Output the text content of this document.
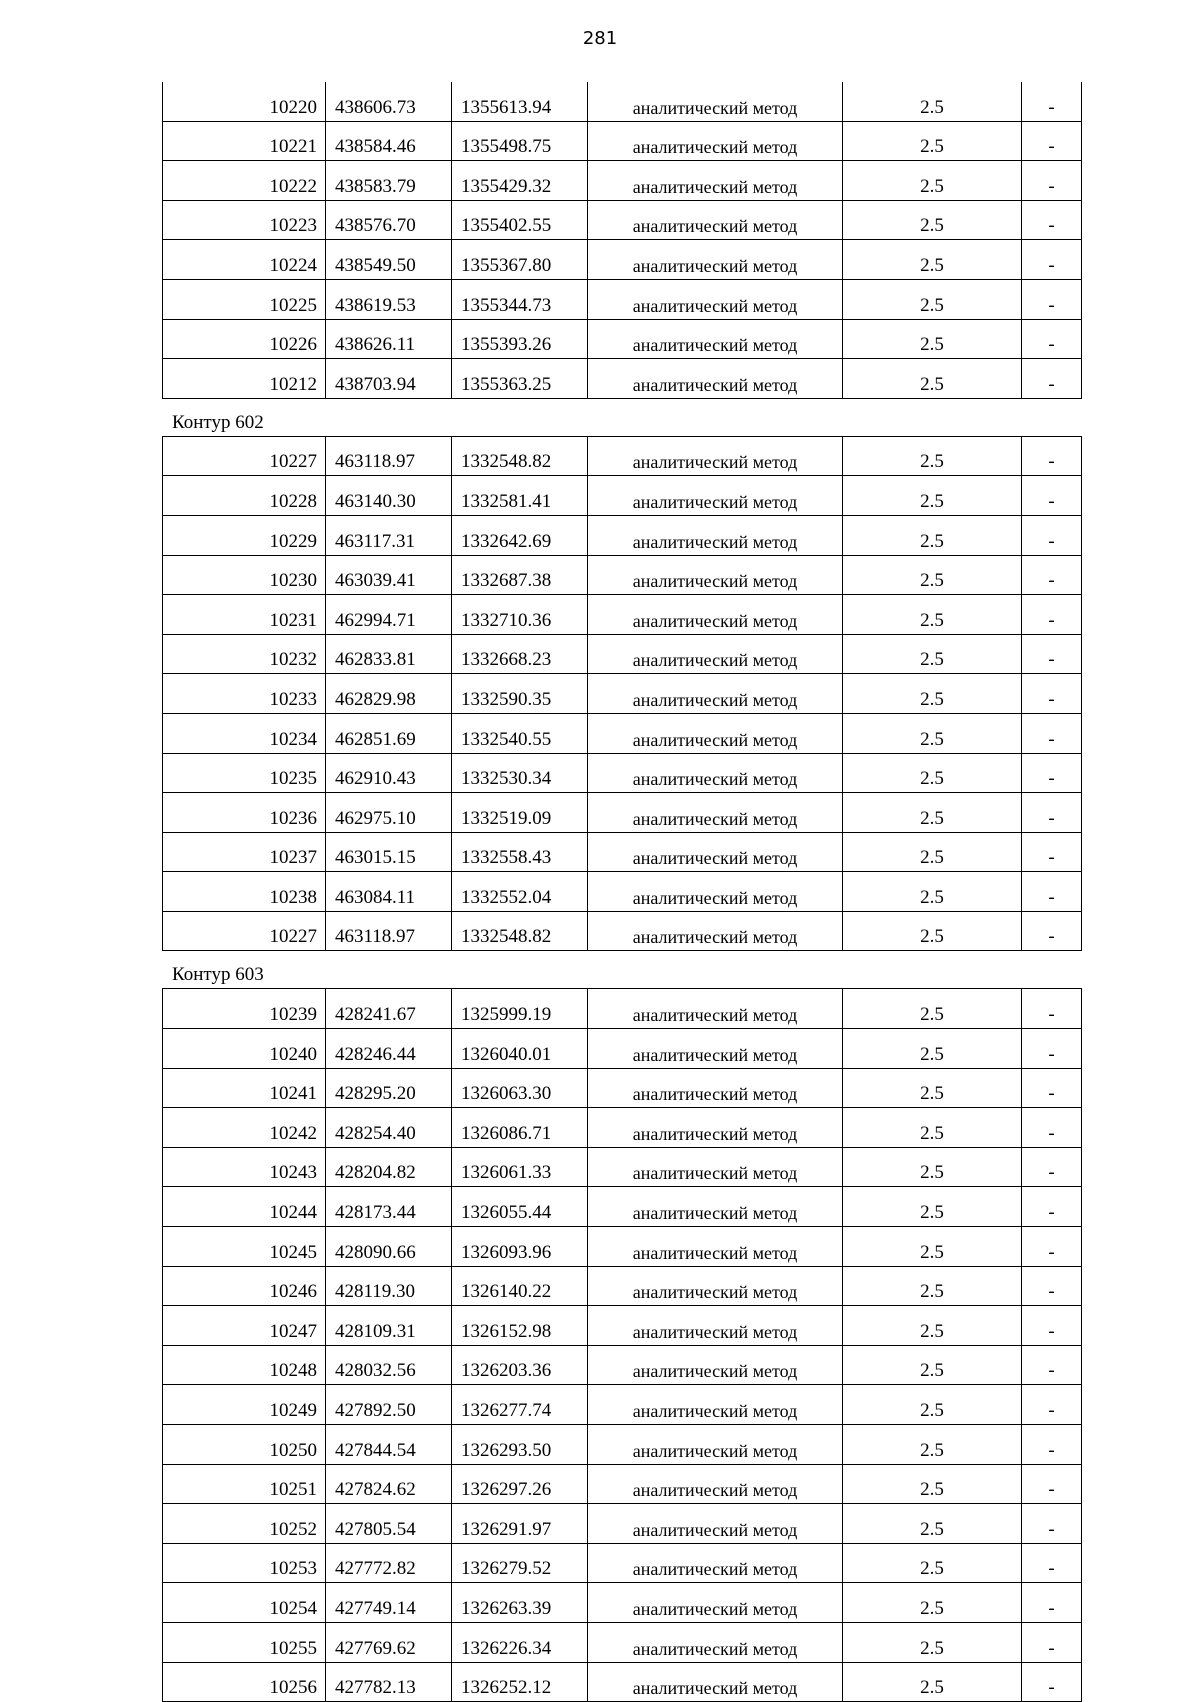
281
10220	438606.73	1355613.94	аналитический метод	2.5	-
10221	438584.46	1355498.75	аналитический метод	2.5	-
10222	438583.79	1355429.32	аналитический метод	2.5	-
10223	438576.70	1355402.55	аналитический метод	2.5	-
10224	438549.50	1355367.80	аналитический метод	2.5	-
10225	438619.53	1355344.73	аналитический метод	2.5	-
10226	438626.11	1355393.26	аналитический метод	2.5	-
10212	438703.94	1355363.25	аналитический метод	2.5	-
Контур 602
10227	463118.97	1332548.82	аналитический метод	2.5	-
10228	463140.30	1332581.41	аналитический метод	2.5	-
10229	463117.31	1332642.69	аналитический метод	2.5	-
10230	463039.41	1332687.38	аналитический метод	2.5	-
10231	462994.71	1332710.36	аналитический метод	2.5	-
10232	462833.81	1332668.23	аналитический метод	2.5	-
10233	462829.98	1332590.35	аналитический метод	2.5	-
10234	462851.69	1332540.55	аналитический метод	2.5	-
10235	462910.43	1332530.34	аналитический метод	2.5	-
10236	462975.10	1332519.09	аналитический метод	2.5	-
10237	463015.15	1332558.43	аналитический метод	2.5	-
10238	463084.11	1332552.04	аналитический метод	2.5	-
10227	463118.97	1332548.82	аналитический метод	2.5	-
Контур 603
10239	428241.67	1325999.19	аналитический метод	2.5	-
10240	428246.44	1326040.01	аналитический метод	2.5	-
10241	428295.20	1326063.30	аналитический метод	2.5	-
10242	428254.40	1326086.71	аналитический метод	2.5	-
10243	428204.82	1326061.33	аналитический метод	2.5	-
10244	428173.44	1326055.44	аналитический метод	2.5	-
10245	428090.66	1326093.96	аналитический метод	2.5	-
10246	428119.30	1326140.22	аналитический метод	2.5	-
10247	428109.31	1326152.98	аналитический метод	2.5	-
10248	428032.56	1326203.36	аналитический метод	2.5	-
10249	427892.50	1326277.74	аналитический метод	2.5	-
10250	427844.54	1326293.50	аналитический метод	2.5	-
10251	427824.62	1326297.26	аналитический метод	2.5	-
10252	427805.54	1326291.97	аналитический метод	2.5	-
10253	427772.82	1326279.52	аналитический метод	2.5	-
10254	427749.14	1326263.39	аналитический метод	2.5	-
10255	427769.62	1326226.34	аналитический метод	2.5	-
10256	427782.13	1326252.12	аналитический метод	2.5	-
